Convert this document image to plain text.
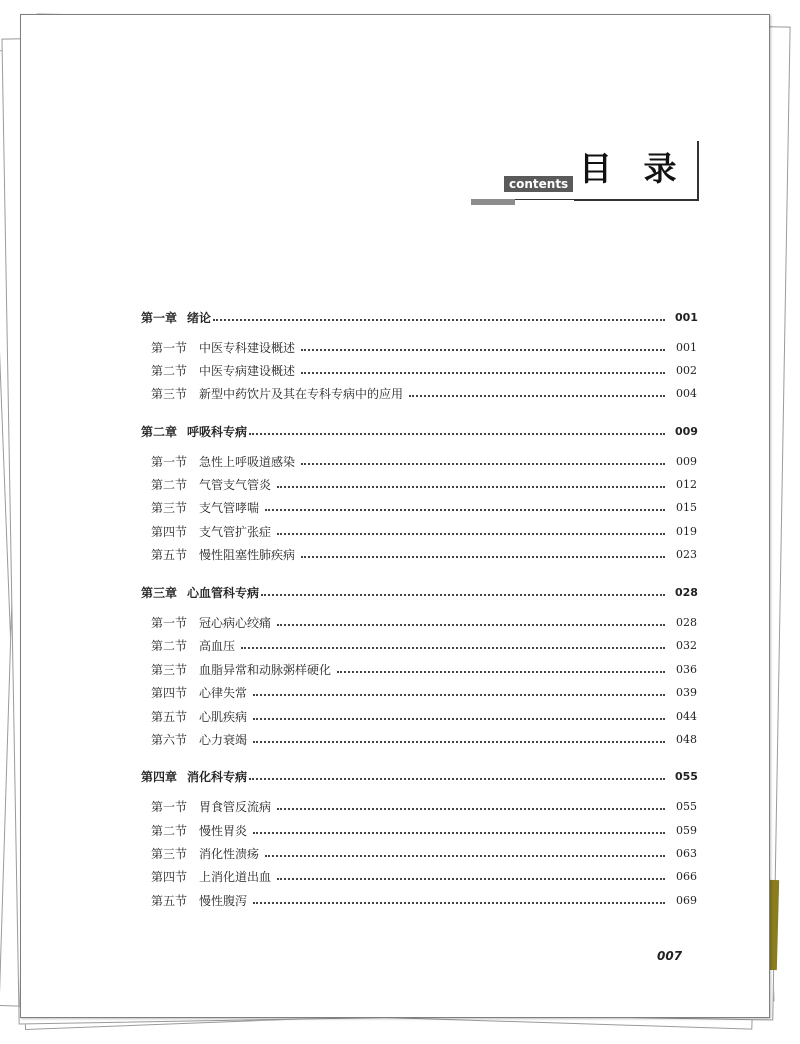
contents 目 录
第一章 绪论	001
第一节 中医专科建设概述	001
第二节 中医专病建设概述	002
第三节 新型中药饮片及其在专科专病中的应用	004
第二章 呼吸科专病	009
第一节 急性上呼吸道感染	009
第二节 气管支气管炎	012
第三节 支气管哮喘	015
第四节 支气管扩张症	019
第五节 慢性阻塞性肺疾病	023
第三章 心血管科专病	028
第一节 冠心病心绞痛	028
第二节 高血压	032
第三节 血脂异常和动脉粥样硬化	036
第四节 心律失常	039
第五节 心肌疾病	044
第六节 心力衰竭	048
第四章 消化科专病	055
第一节 胃食管反流病	055
第二节 慢性胃炎	059
第三节 消化性溃疡	063
第四节 上消化道出血	066
第五节 慢性腹泻	069
007
